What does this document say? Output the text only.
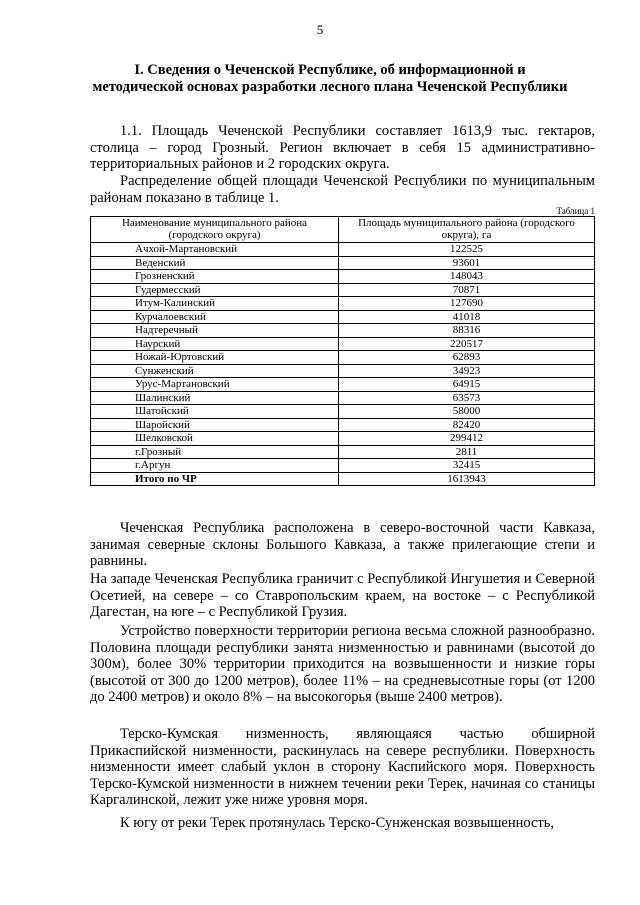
5
I. Сведения о Чеченской Республике, об информационной и
методической основах разработки лесного плана Чеченской Республики
1.1. Площадь Чеченской Республики составляет 1613,9 тыс. гектаров, столица – город Грозный. Регион включает в себя 15 административно-территориальных районов и 2 городских округа.
Распределение общей площади Чеченской Республики по муниципальным районам показано в таблице 1.
Таблица 1
Наименование муниципального района (городского округа)	Площадь муниципального района (городского округа), га
Ачхой-Мартановский	122525
Веденский	93601
Грозненский	148043
Гудермесский	70871
Итум-Калинский	127690
Курчалоевский	41018
Надтеречный	88316
Наурский	220517
Ножай-Юртовский	62893
Сунженский	34923
Урус-Мартановский	64915
Шалинский	63573
Шатойский	58000
Шаройский	82420
Шелковской	299412
г.Грозный	2811
г.Аргун	32415
Итого по ЧР	1613943
Чеченская Республика расположена в северо-восточной части Кавказа, занимая северные склоны Большого Кавказа, а также прилегающие степи и равнины.
На западе Чеченская Республика граничит с Республикой Ингушетия и Северной Осетией, на севере – со Ставропольским краем, на востоке – с Республикой Дагестан, на юге – с Республикой Грузия.
Устройство поверхности территории региона весьма сложной разнообразно. Половина площади республики занята низменностью и равнинами (высотой до 300м), более 30% территории приходится на возвышенности и низкие горы (высотой от 300 до 1200 метров), более 11% – на средневысотные горы (от 1200 до 2400 метров) и около 8% – на высокогорья (выше 2400 метров).
Терско-Кумская низменность, являющаяся частью обширной Прикаспийской низменности, раскинулась на севере республики. Поверхность низменности имеет слабый уклон в сторону Каспийского моря. Поверхность Терско-Кумской низменности в нижнем течении реки Терек, начиная со станицы Каргалинской, лежит уже ниже уровня моря.
К югу от реки Терек протянулась Терско-Сунженская возвышенность,
